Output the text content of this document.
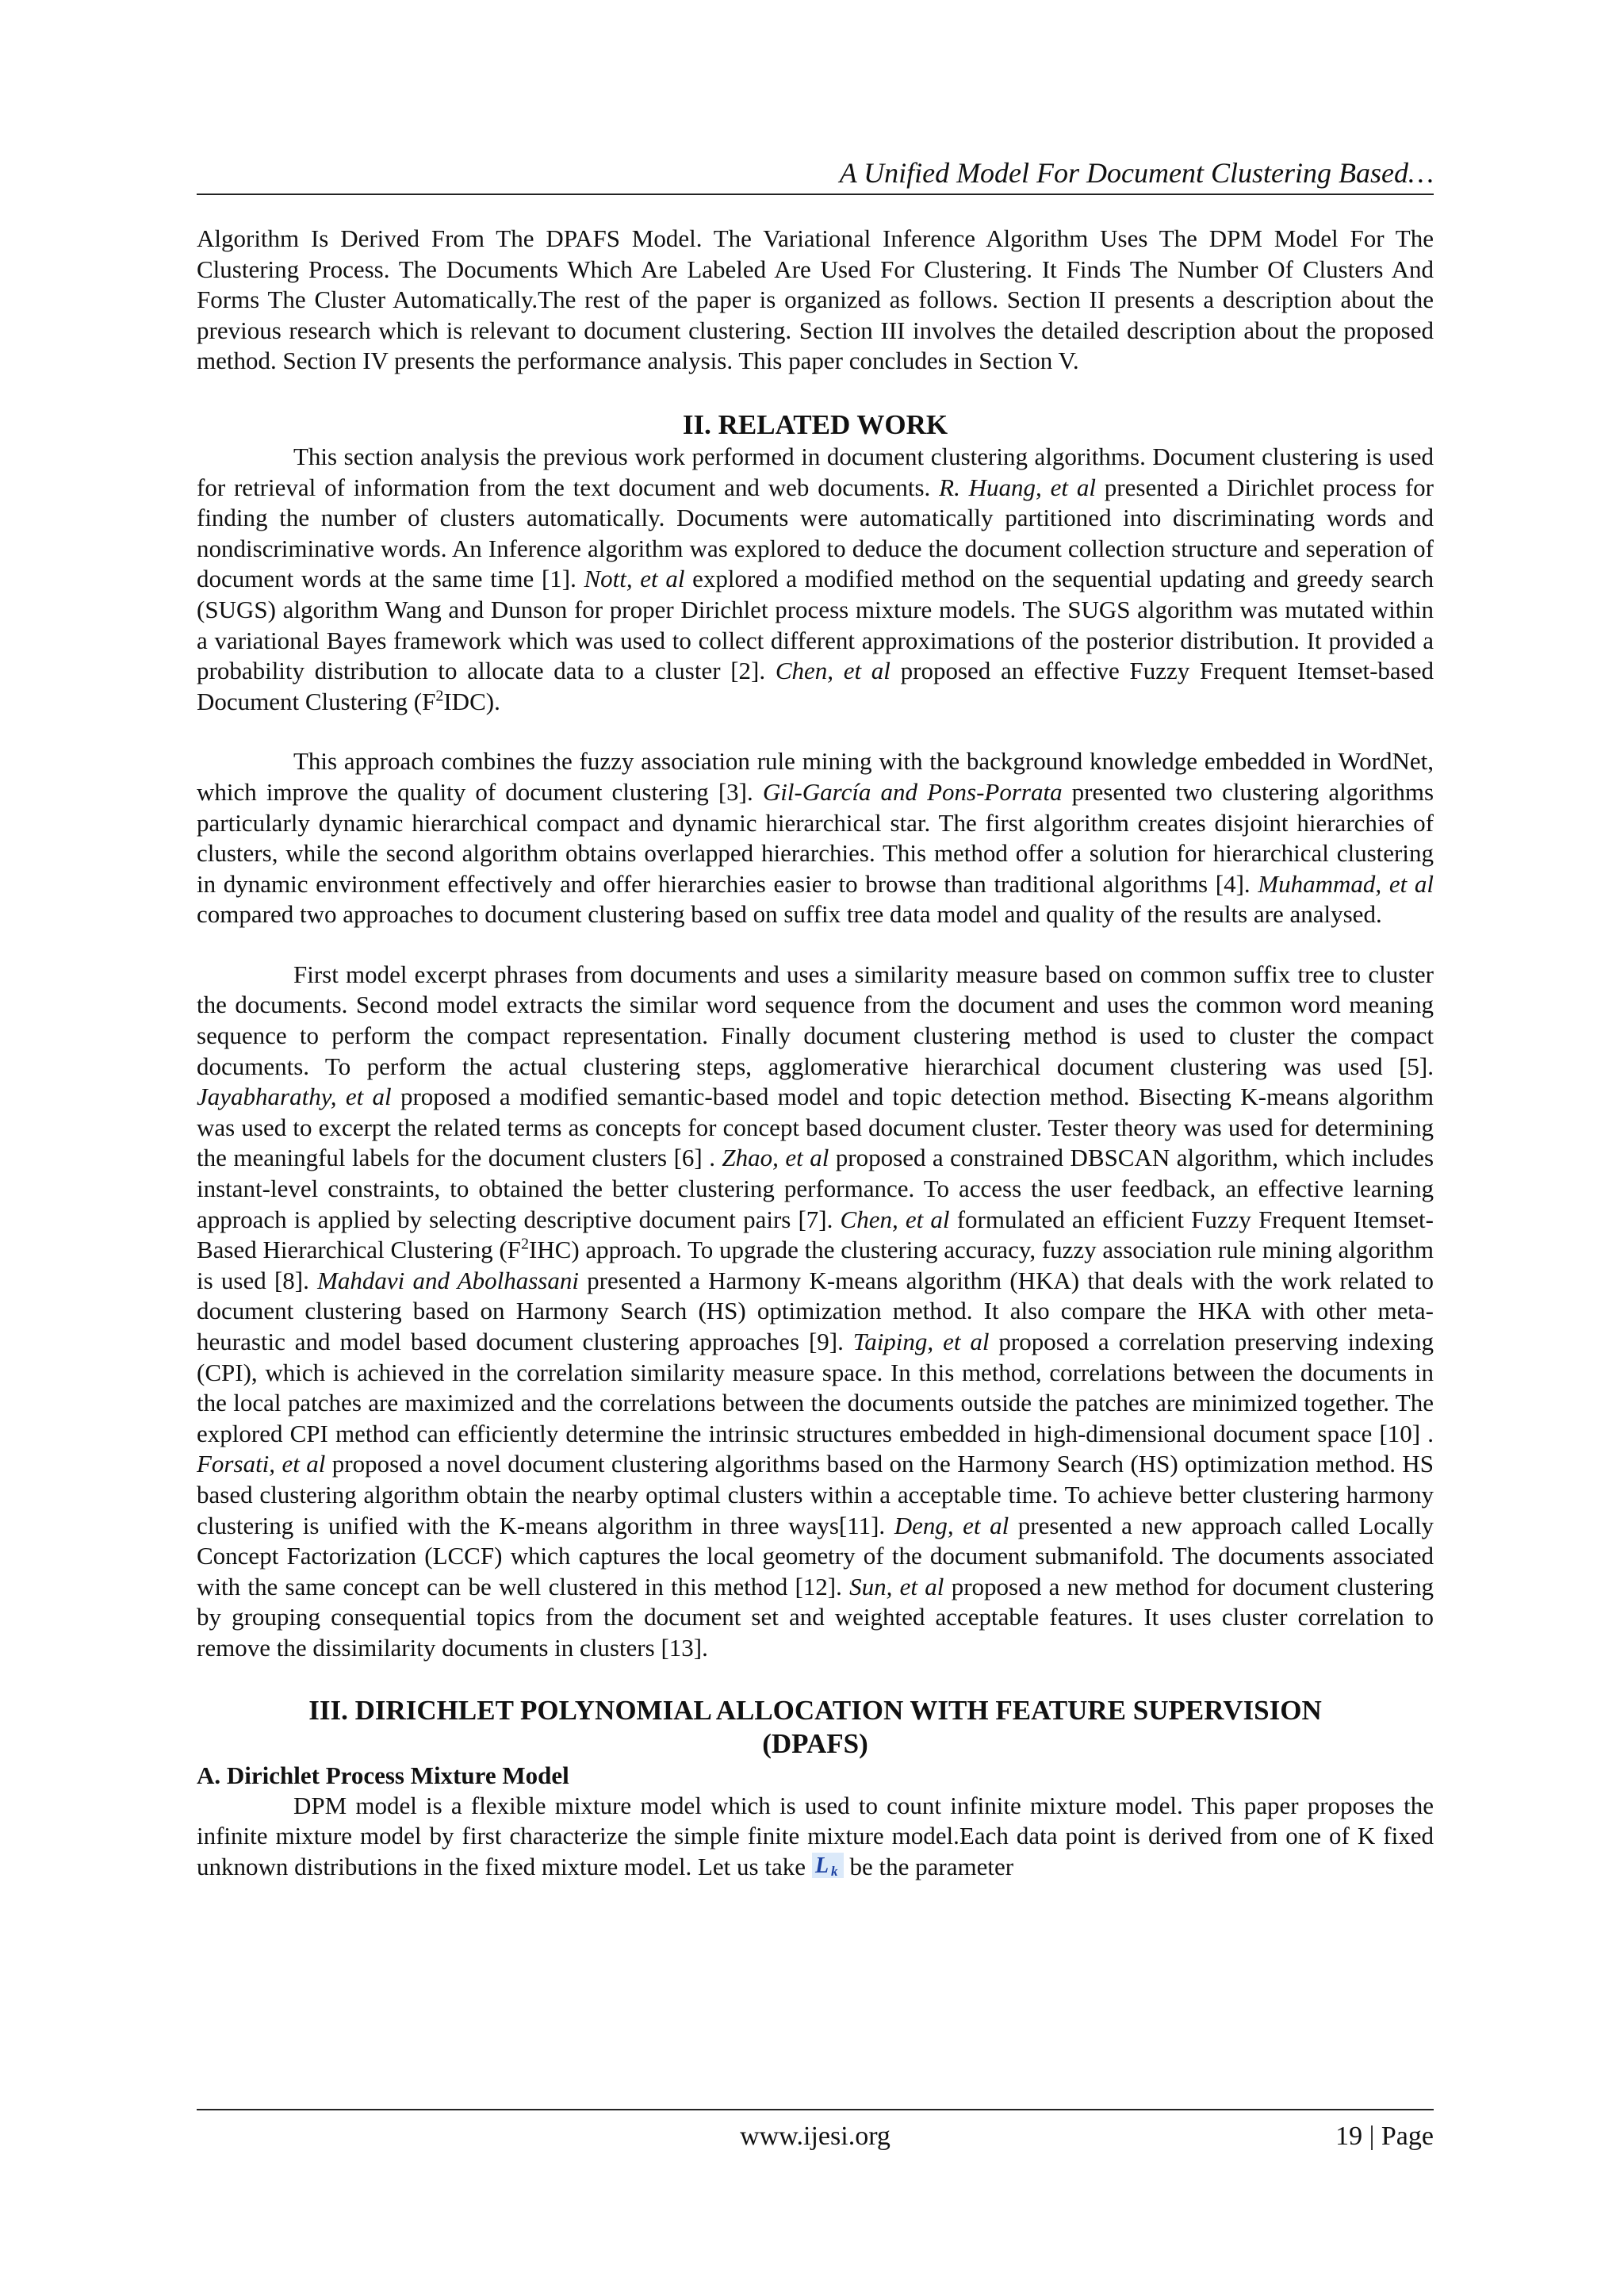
A Unified Model For Document Clustering Based…

Algorithm Is Derived From The DPAFS Model. The Variational Inference Algorithm Uses The DPM Model For The Clustering Process. The Documents Which Are Labeled Are Used For Clustering. It Finds The Number Of Clusters And Forms The Cluster Automatically.The rest of the paper is organized as follows. Section II presents a description about the previous research which is relevant to document clustering. Section III involves the detailed description about the proposed method. Section IV presents the performance analysis. This paper concludes in Section V.

II. RELATED WORK

This section analysis the previous work performed in document clustering algorithms. Document clustering is used for retrieval of information from the text document and web documents. R. Huang, et al presented a Dirichlet process for finding the number of clusters automatically. Documents were automatically partitioned into discriminating words and nondiscriminative words. An Inference algorithm was explored to deduce the document collection structure and seperation of document words at the same time [1]. Nott, et al explored a modified method on the sequential updating and greedy search (SUGS) algorithm Wang and Dunson for proper Dirichlet process mixture models. The SUGS algorithm was mutated within a variational Bayes framework which was used to collect different approximations of the posterior distribution. It provided a probability distribution to allocate data to a cluster [2]. Chen, et al proposed an effective Fuzzy Frequent Itemset-based Document Clustering $(F^2IDC)$.

This approach combines the fuzzy association rule mining with the background knowledge embedded in WordNet, which improve the quality of document clustering [3]. Gil-García and Pons-Porrata presented two clustering algorithms particularly dynamic hierarchical compact and dynamic hierarchical star. The first algorithm creates disjoint hierarchies of clusters, while the second algorithm obtains overlapped hierarchies. This method offer a solution for hierarchical clustering in dynamic environment effectively and offer hierarchies easier to browse than traditional algorithms [4]. Muhammad, et al compared two approaches to document clustering based on suffix tree data model and quality of the results are analysed.

First model excerpt phrases from documents and uses a similarity measure based on common suffix tree to cluster the documents. Second model extracts the similar word sequence from the document and uses the common word meaning sequence to perform the compact representation. Finally document clustering method is used to cluster the compact documents. To perform the actual clustering steps, agglomerative hierarchical document clustering was used [5]. Jayabharathy, et al proposed a modified semantic-based model and topic detection method. Bisecting K-means algorithm was used to excerpt the related terms as concepts for concept based document cluster. Tester theory was used for determining the meaningful labels for the document clusters [6] . Zhao, et al proposed a constrained DBSCAN algorithm, which includes instant-level constraints, to obtained the better clustering performance. To access the user feedback, an effective learning approach is applied by selecting descriptive document pairs [7]. Chen, et al formulated an efficient Fuzzy Frequent Itemset-Based Hierarchical Clustering $(F^2IHC)$ approach. To upgrade the clustering accuracy, fuzzy association rule mining algorithm is used [8]. Mahdavi and Abolhassani presented a Harmony K-means algorithm (HKA) that deals with the work related to document clustering based on Harmony Search (HS) optimization method. It also compare the HKA with other meta-heurastic and model based document clustering approaches [9]. Taiping, et al proposed a correlation preserving indexing (CPI), which is achieved in the correlation similarity measure space. In this method, correlations between the documents in the local patches are maximized and the correlations between the documents outside the patches are minimized together. The explored CPI method can efficiently determine the intrinsic structures embedded in high-dimensional document space [10] . Forsati, et al proposed a novel document clustering algorithms based on the Harmony Search (HS) optimization method. HS based clustering algorithm obtain the nearby optimal clusters within a acceptable time. To achieve better clustering harmony clustering is unified with the K-means algorithm in three ways[11]. Deng, et al presented a new approach called Locally Concept Factorization (LCCF) which captures the local geometry of the document submanifold. The documents associated with the same concept can be well clustered in this method [12]. Sun, et al proposed a new method for document clustering by grouping consequential topics from the document set and weighted acceptable features. It uses cluster correlation to remove the dissimilarity documents in clusters [13].

III. DIRICHLET POLYNOMIAL ALLOCATION WITH FEATURE SUPERVISION
(DPAFS)
A. Dirichlet Process Mixture Model

DPM model is a flexible mixture model which is used to count infinite mixture model. This paper proposes the infinite mixture model by first characterize the simple finite mixture model.Each data point is derived from one of K fixed unknown distributions in the fixed mixture model. Let us take L k be the parameter

www.ijesi.org	19 | Page
